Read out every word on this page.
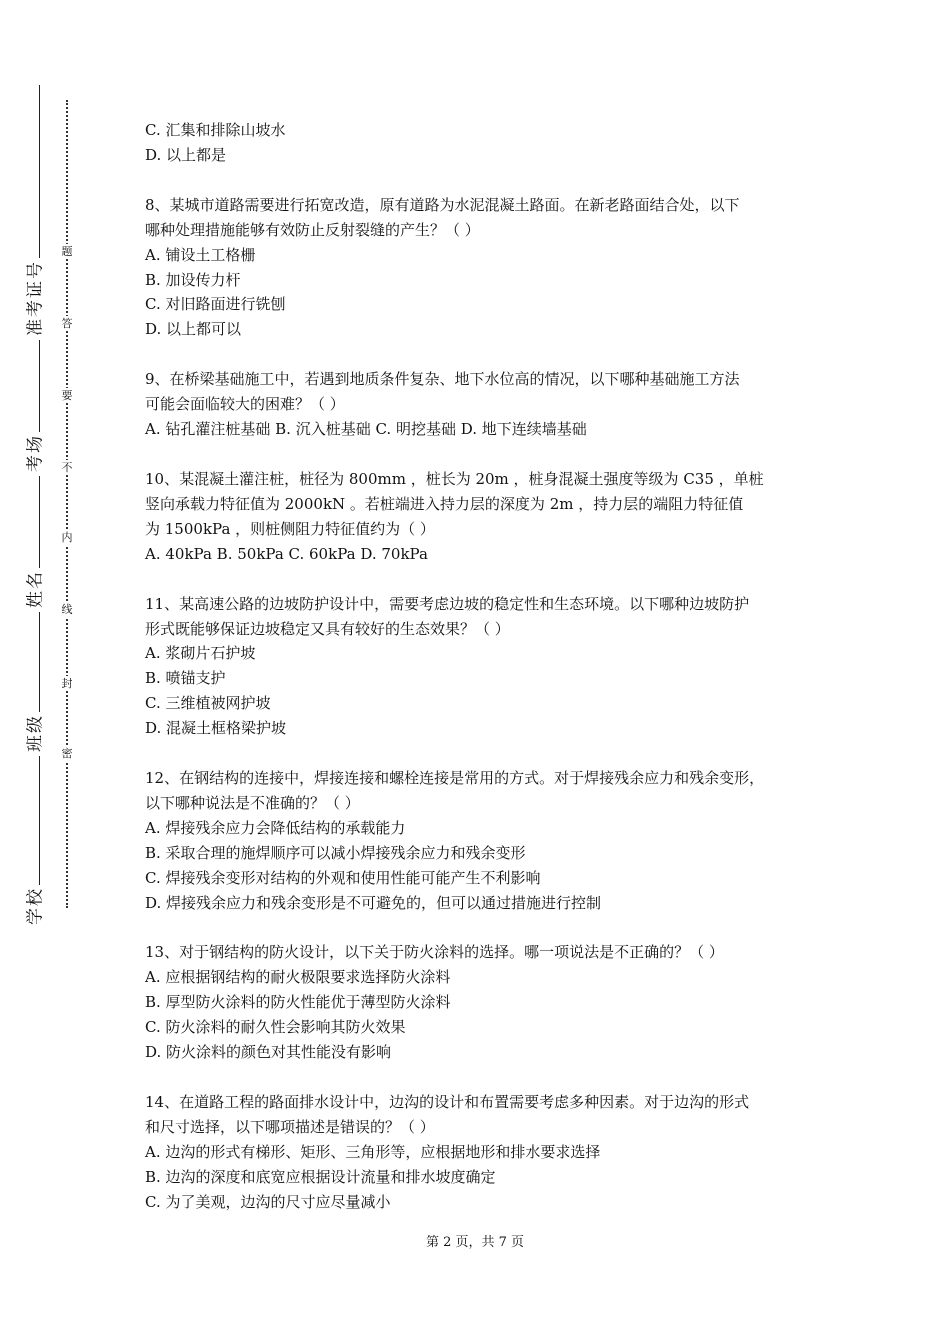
校
学
级
班
名
姓
场
考
号
证
考
准
密
封
线
内
不
要
答
题
C. 汇集和排除山坡水
D. 以上都是
8、某城市道路需要进行拓宽改造，原有道路为水泥混凝土路面。在新老路面结合处，以下
哪种处理措施能够有效防止反射裂缝的产生？（ ）
A. 铺设土工格栅
B. 加设传力杆
C. 对旧路面进行铣刨
D. 以上都可以
9、在桥梁基础施工中，若遇到地质条件复杂、地下水位高的情况，以下哪种基础施工方法
可能会面临较大的困难？（ ）
A. 钻孔灌注桩基础 B. 沉入桩基础 C. 明挖基础 D. 地下连续墙基础
10、某混凝土灌注桩，桩径为 800mm ，桩长为 20m ，桩身混凝土强度等级为 C35 ，单桩
竖向承载力特征值为 2000kN 。若桩端进入持力层的深度为 2m ，持力层的端阻力特征值
为 1500kPa ，则桩侧阻力特征值约为（ ）
A. 40kPa B. 50kPa C. 60kPa D. 70kPa
11、某高速公路的边坡防护设计中，需要考虑边坡的稳定性和生态环境。以下哪种边坡防护
形式既能够保证边坡稳定又具有较好的生态效果？（ ）
A. 浆砌片石护坡
B. 喷锚支护
C. 三维植被网护坡
D. 混凝土框格梁护坡
12、在钢结构的连接中，焊接连接和螺栓连接是常用的方式。对于焊接残余应力和残余变形，
以下哪种说法是不准确的？（ ）
A. 焊接残余应力会降低结构的承载能力
B. 采取合理的施焊顺序可以减小焊接残余应力和残余变形
C. 焊接残余变形对结构的外观和使用性能可能产生不利影响
D. 焊接残余应力和残余变形是不可避免的，但可以通过措施进行控制
13、对于钢结构的防火设计，以下关于防火涂料的选择。哪一项说法是不正确的？（ ）
A. 应根据钢结构的耐火极限要求选择防火涂料
B. 厚型防火涂料的防火性能优于薄型防火涂料
C. 防火涂料的耐久性会影响其防火效果
D. 防火涂料的颜色对其性能没有影响
14、在道路工程的路面排水设计中，边沟的设计和布置需要考虑多种因素。对于边沟的形式
和尺寸选择，以下哪项描述是错误的？（ ）
A. 边沟的形式有梯形、矩形、三角形等，应根据地形和排水要求选择
B. 边沟的深度和底宽应根据设计流量和排水坡度确定
C. 为了美观，边沟的尺寸应尽量减小
第 2 页，共 7 页
